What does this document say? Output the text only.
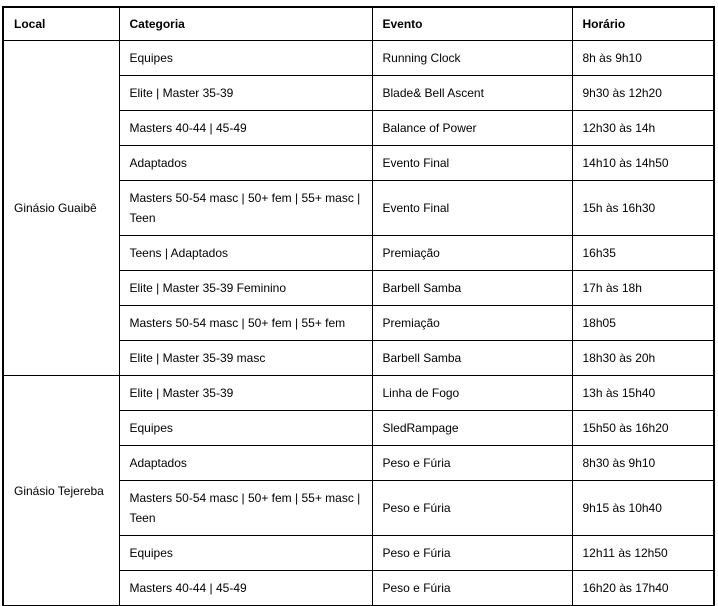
Local	Categoria	Evento	Horário
Ginásio Guaibê	Equipes	Running Clock	8h às 9h10
	Elite | Master 35-39	Blade& Bell Ascent	9h30 às 12h20
	Masters 40-44 | 45-49	Balance of Power	12h30 às 14h
	Adaptados	Evento Final	14h10 às 14h50
	Masters 50-54 masc | 50+ fem | 55+ masc | Teen	Evento Final	15h às 16h30
	Teens | Adaptados	Premiação	16h35
	Elite | Master 35-39 Feminino	Barbell Samba	17h às 18h
	Masters 50-54 masc | 50+ fem | 55+ fem	Premiação	18h05
	Elite | Master 35-39 masc	Barbell Samba	18h30 às 20h
Ginásio Tejereba	Elite | Master 35-39	Linha de Fogo	13h às 15h40
	Equipes	SledRampage	15h50 às 16h20
	Adaptados	Peso e Fúria	8h30 às 9h10
	Masters 50-54 masc | 50+ fem | 55+ masc | Teen	Peso e Fúria	9h15 às 10h40
	Equipes	Peso e Fúria	12h11 às 12h50
	Masters 40-44 | 45-49	Peso e Fúria	16h20 às 17h40
